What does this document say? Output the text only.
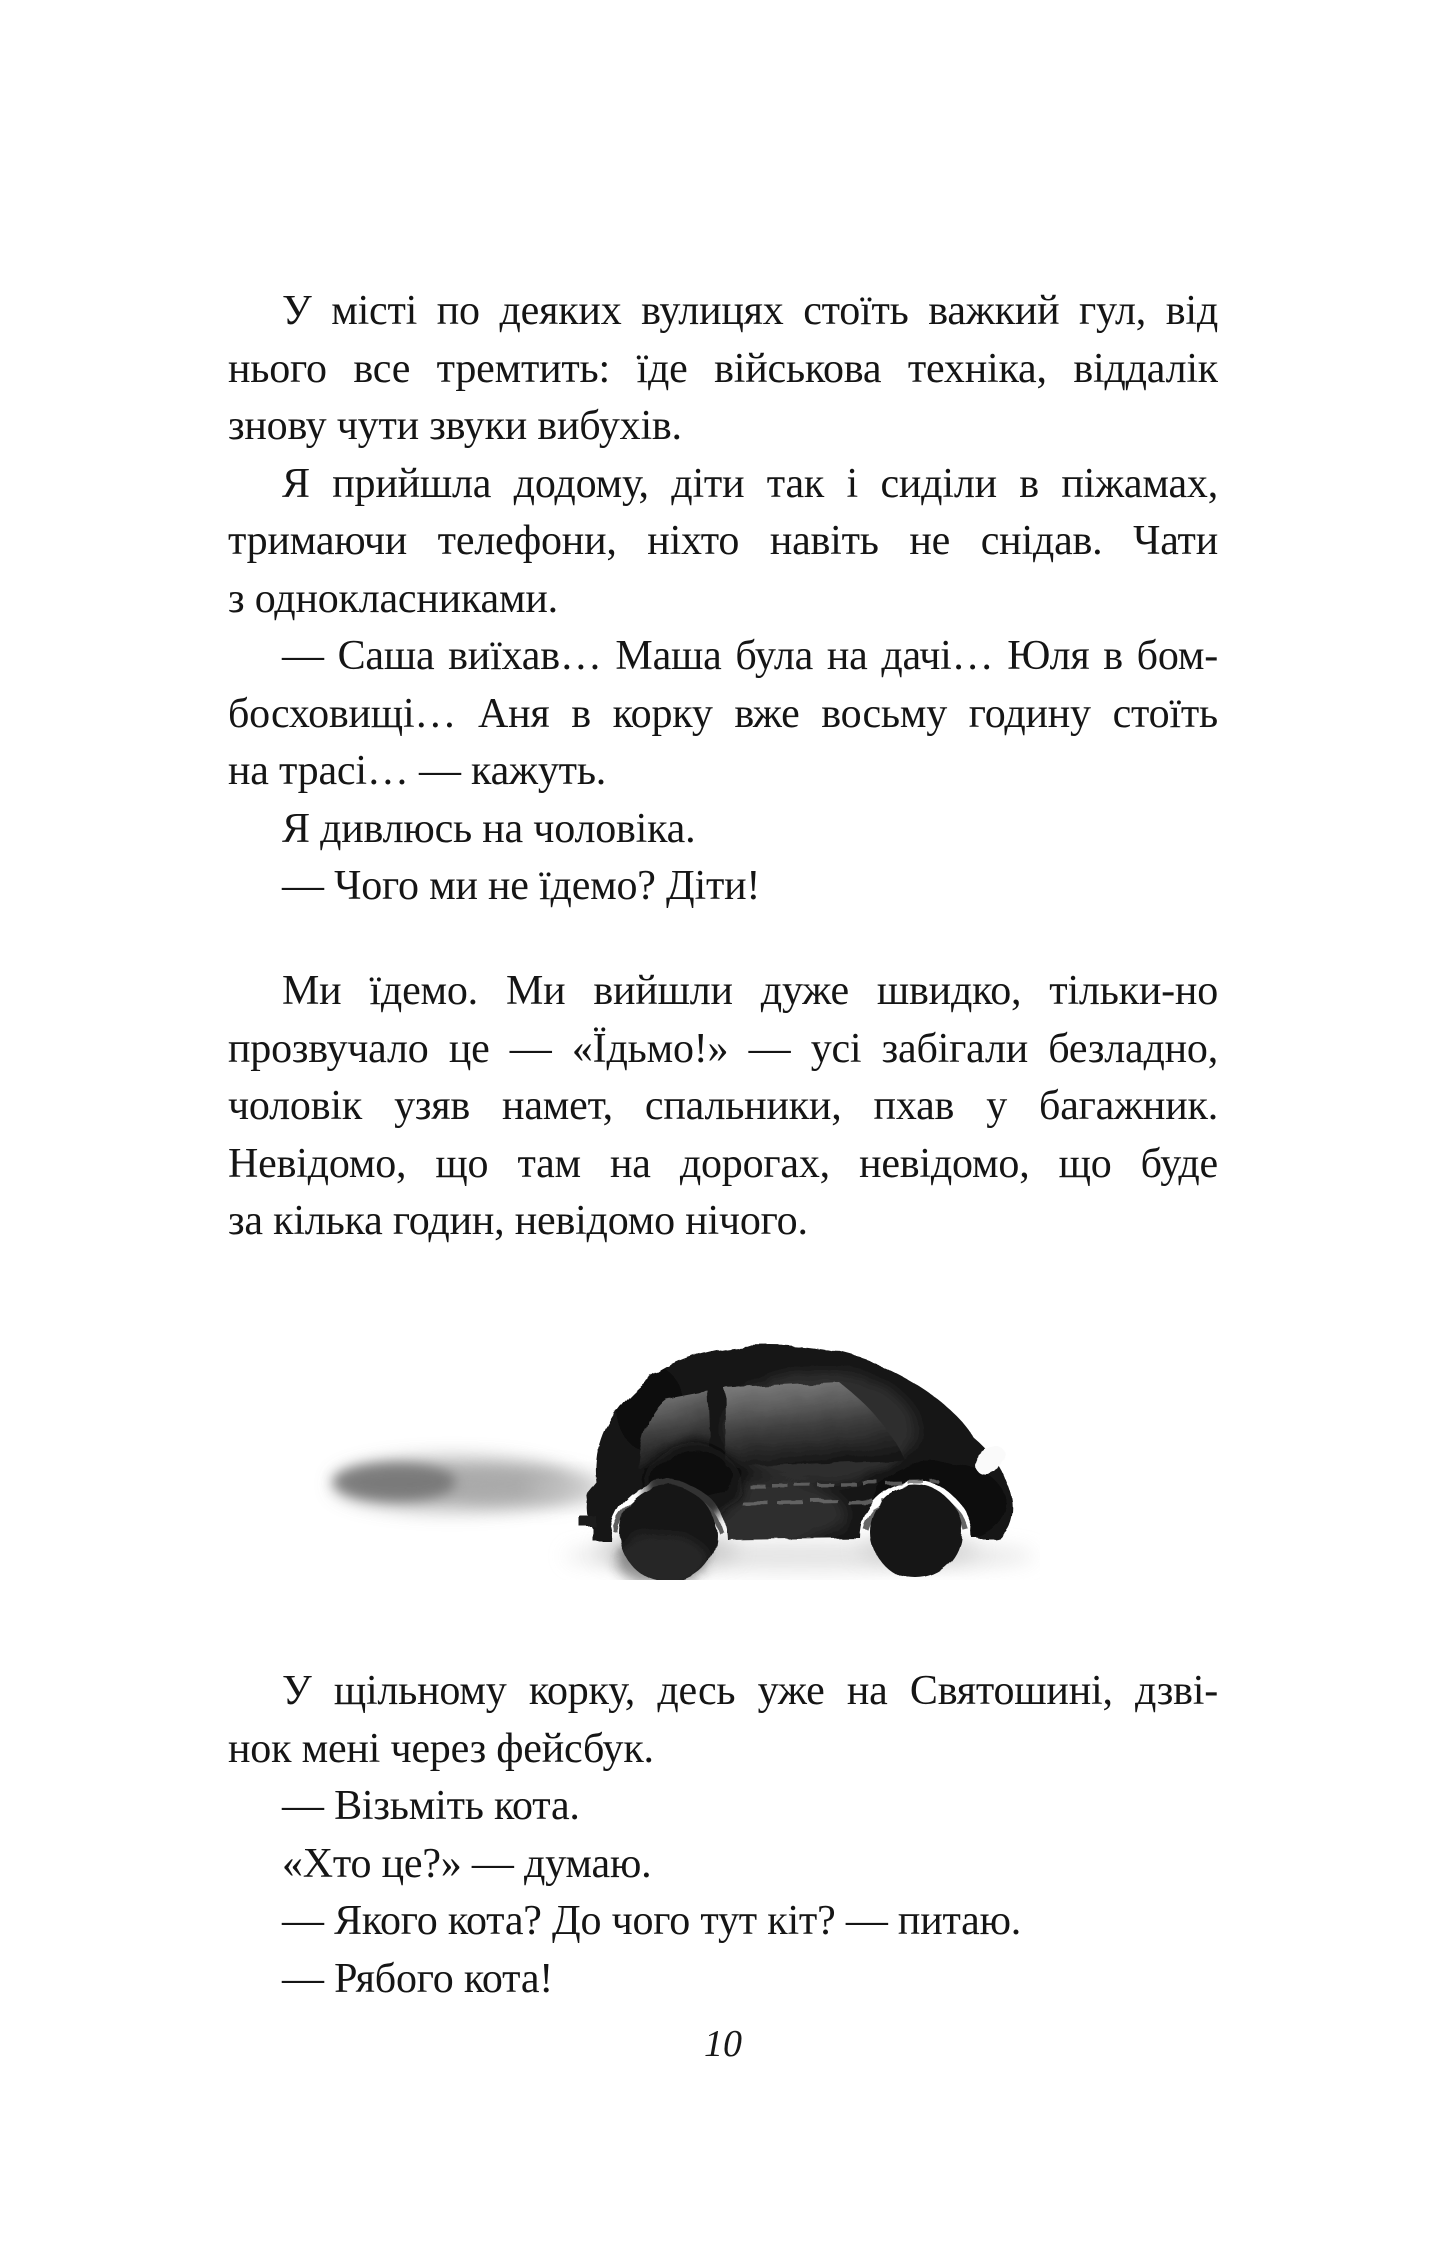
У місті по деяких вулицях стоїть важкий гул, від
нього все тремтить: їде військова техніка, віддалік
знову чути звуки вибухів.

Я прийшла додому, діти так і сиділи в піжамах,
тримаючи телефони, ніхто навіть не снідав. Чати
з однокласниками.

— Саша виїхав… Маша була на дачі… Юля в бом-
босховищі… Аня в корку вже восьму годину стоїть
на трасі… — кажуть.

Я дивлюсь на чоловіка.

— Чого ми не їдемо? Діти!

Ми їдемо. Ми вийшли дуже швидко, тільки-но
прозвучало це — «Їдьмо!» — усі забігали безладно,
чоловік узяв намет, спальники, пхав у багажник.
Невідомо, що там на дорогах, невідомо, що буде
за кілька годин, невідомо нічого.

У щільному корку, десь уже на Святошині, дзві-
нок мені через фейсбук.

— Візьміть кота.

«Хто це?» — думаю.

— Якого кота? До чого тут кіт? — питаю.

— Рябого кота!

10
